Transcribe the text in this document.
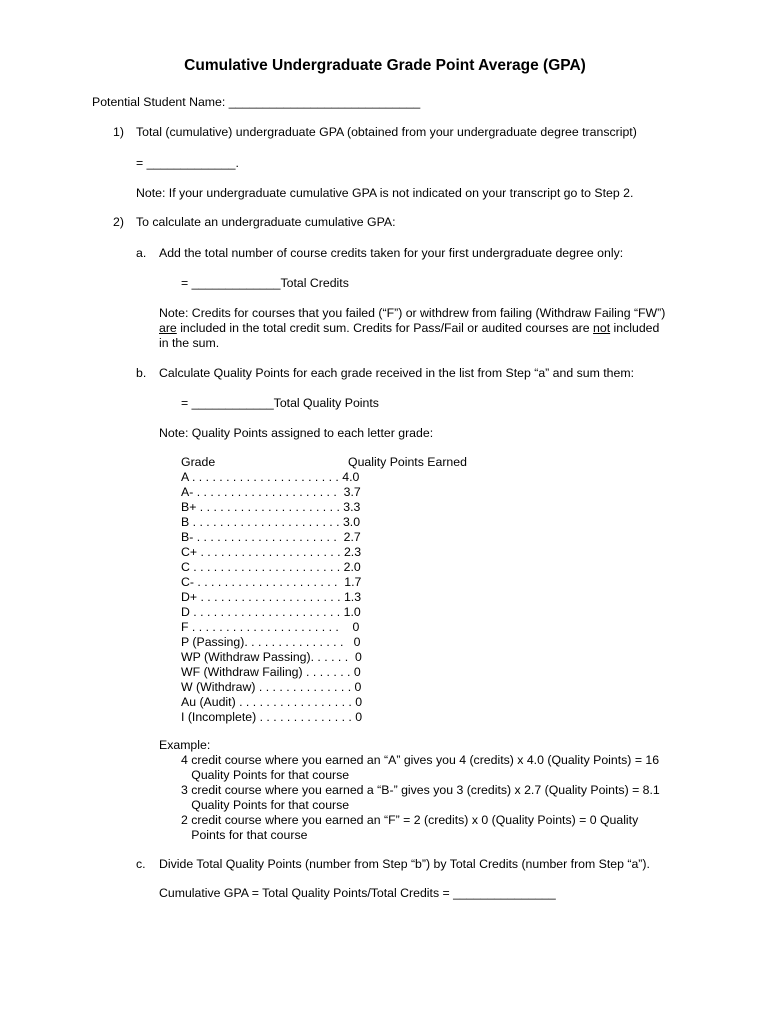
Cumulative Undergraduate Grade Point Average (GPA)
Potential Student Name: ____________________________
1) Total (cumulative) undergraduate GPA (obtained from your undergraduate degree transcript)
= _____________.
Note: If your undergraduate cumulative GPA is not indicated on your transcript go to Step 2.
2) To calculate an undergraduate cumulative GPA:
a. Add the total number of course credits taken for your first undergraduate degree only:
= _____________Total Credits
Note: Credits for courses that you failed (“F”) or withdrew from failing (Withdraw Failing “FW”)
are included in the total credit sum. Credits for Pass/Fail or audited courses are not included
in the sum.
b. Calculate Quality Points for each grade received in the list from Step “a” and sum them:
= ____________Total Quality Points
Note: Quality Points assigned to each letter grade:
Grade	Quality Points Earned
A . . . . . . . . . . . . . . . . . . . . . . 4.0
A- . . . . . . . . . . . . . . . . . . . . .  3.7
B+ . . . . . . . . . . . . . . . . . . . . . 3.3
B . . . . . . . . . . . . . . . . . . . . . . 3.0
B- . . . . . . . . . . . . . . . . . . . . .  2.7
C+ . . . . . . . . . . . . . . . . . . . . . 2.3
C . . . . . . . . . . . . . . . . . . . . . . 2.0
C- . . . . . . . . . . . . . . . . . . . . .  1.7
D+ . . . . . . . . . . . . . . . . . . . . . 1.3
D . . . . . . . . . . . . . . . . . . . . . . 1.0
F . . . . . . . . . . . . . . . . . . . . . .    0
P (Passing). . . . . . . . . . . . . . .   0
WP (Withdraw Passing). . . . . .  0
WF (Withdraw Failing) . . . . . . . 0
W (Withdraw) . . . . . . . . . . . . . . 0
Au (Audit) . . . . . . . . . . . . . . . . . 0
I (Incomplete) . . . . . . . . . . . . . . 0
Example:
4 credit course where you earned an “A” gives you 4 (credits) x 4.0 (Quality Points) = 16
Quality Points for that course
3 credit course where you earned a “B-” gives you 3 (credits) x 2.7 (Quality Points) = 8.1
Quality Points for that course
2 credit course where you earned an “F” = 2 (credits) x 0 (Quality Points) = 0 Quality
Points for that course
c. Divide Total Quality Points (number from Step “b”) by Total Credits (number from Step “a”).
Cumulative GPA = Total Quality Points/Total Credits = _______________
